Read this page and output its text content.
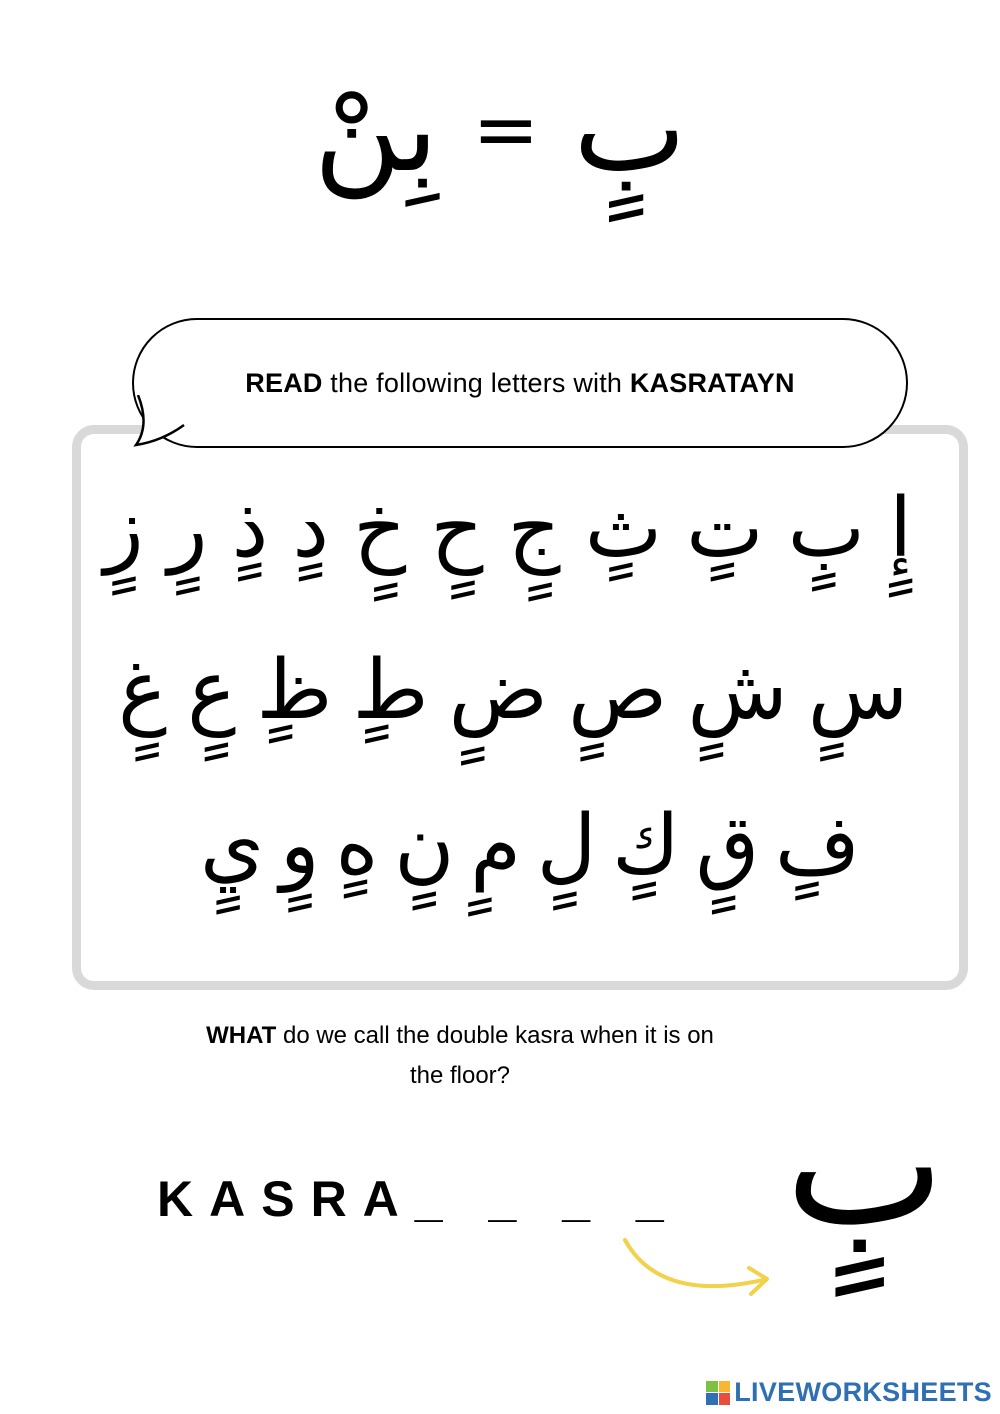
بٍ
=
بِنْ
READ the following letters with KASRATAYN
إٍ
بٍ
تٍ
ثٍ
جٍ
حٍ
خٍ
دٍ
ذٍ
رٍ
زٍ
سٍ
شٍ
صٍ
ضٍ
طٍ
ظٍ
عٍ
غٍ
فٍ
قٍ
كٍ
لٍ
مٍ
نٍ
هٍ
وٍ
يٍ
WHAT do we call the double kasra when it is on
the floor?
KASRA_ _ _ _ بٍ
LIVEWORKSHEETS
